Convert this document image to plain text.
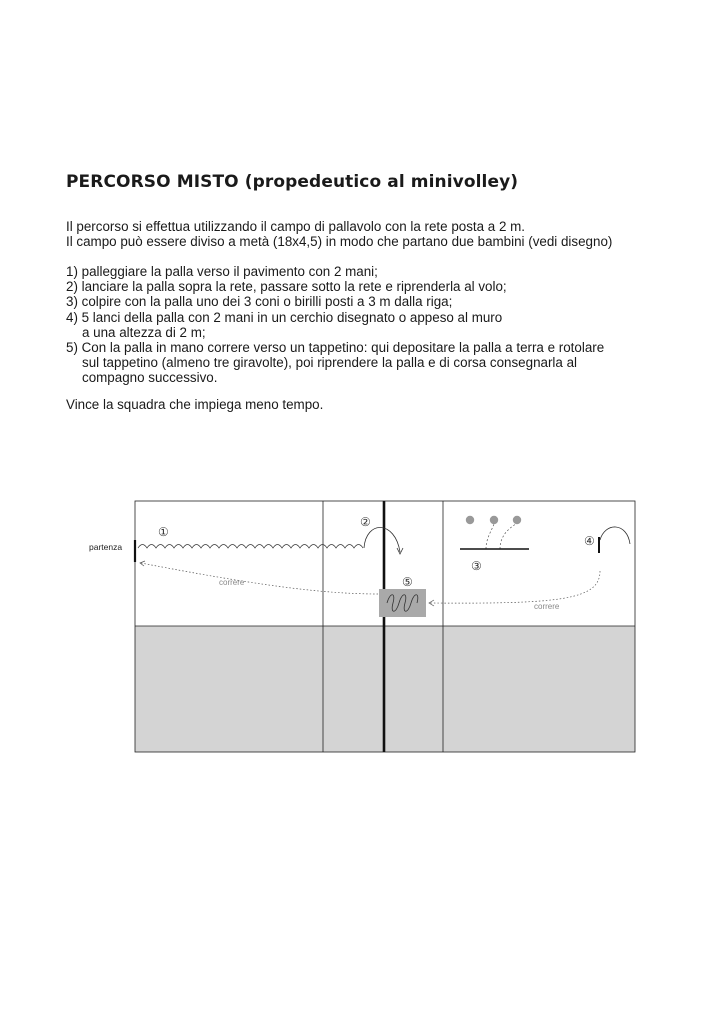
PERCORSO MISTO (propedeutico al minivolley)
Il percorso si effettua utilizzando il campo di pallavolo con la rete posta a 2 m.
Il campo può essere diviso a metà (18x4,5) in modo che partano due bambini (vedi disegno)
1) palleggiare la palla verso il pavimento con 2 mani;
2) lanciare la palla sopra la rete, passare sotto la rete e riprenderla al volo;
3) colpire con la palla uno dei 3 coni o birilli posti a 3 m dalla riga;
4) 5 lanci della palla con 2 mani in un cerchio disegnato o appeso al muro
a una altezza di 2 m;
5) Con la palla in mano correre verso un tappetino: qui depositare la palla a terra e rotolare
sul tappetino (almeno tre giravolte), poi riprendere la palla e di corsa consegnarla al
compagno successivo.
Vince la squadra che impiega meno tempo.
partenza
①
②
③
④
⑤
correre
correre
